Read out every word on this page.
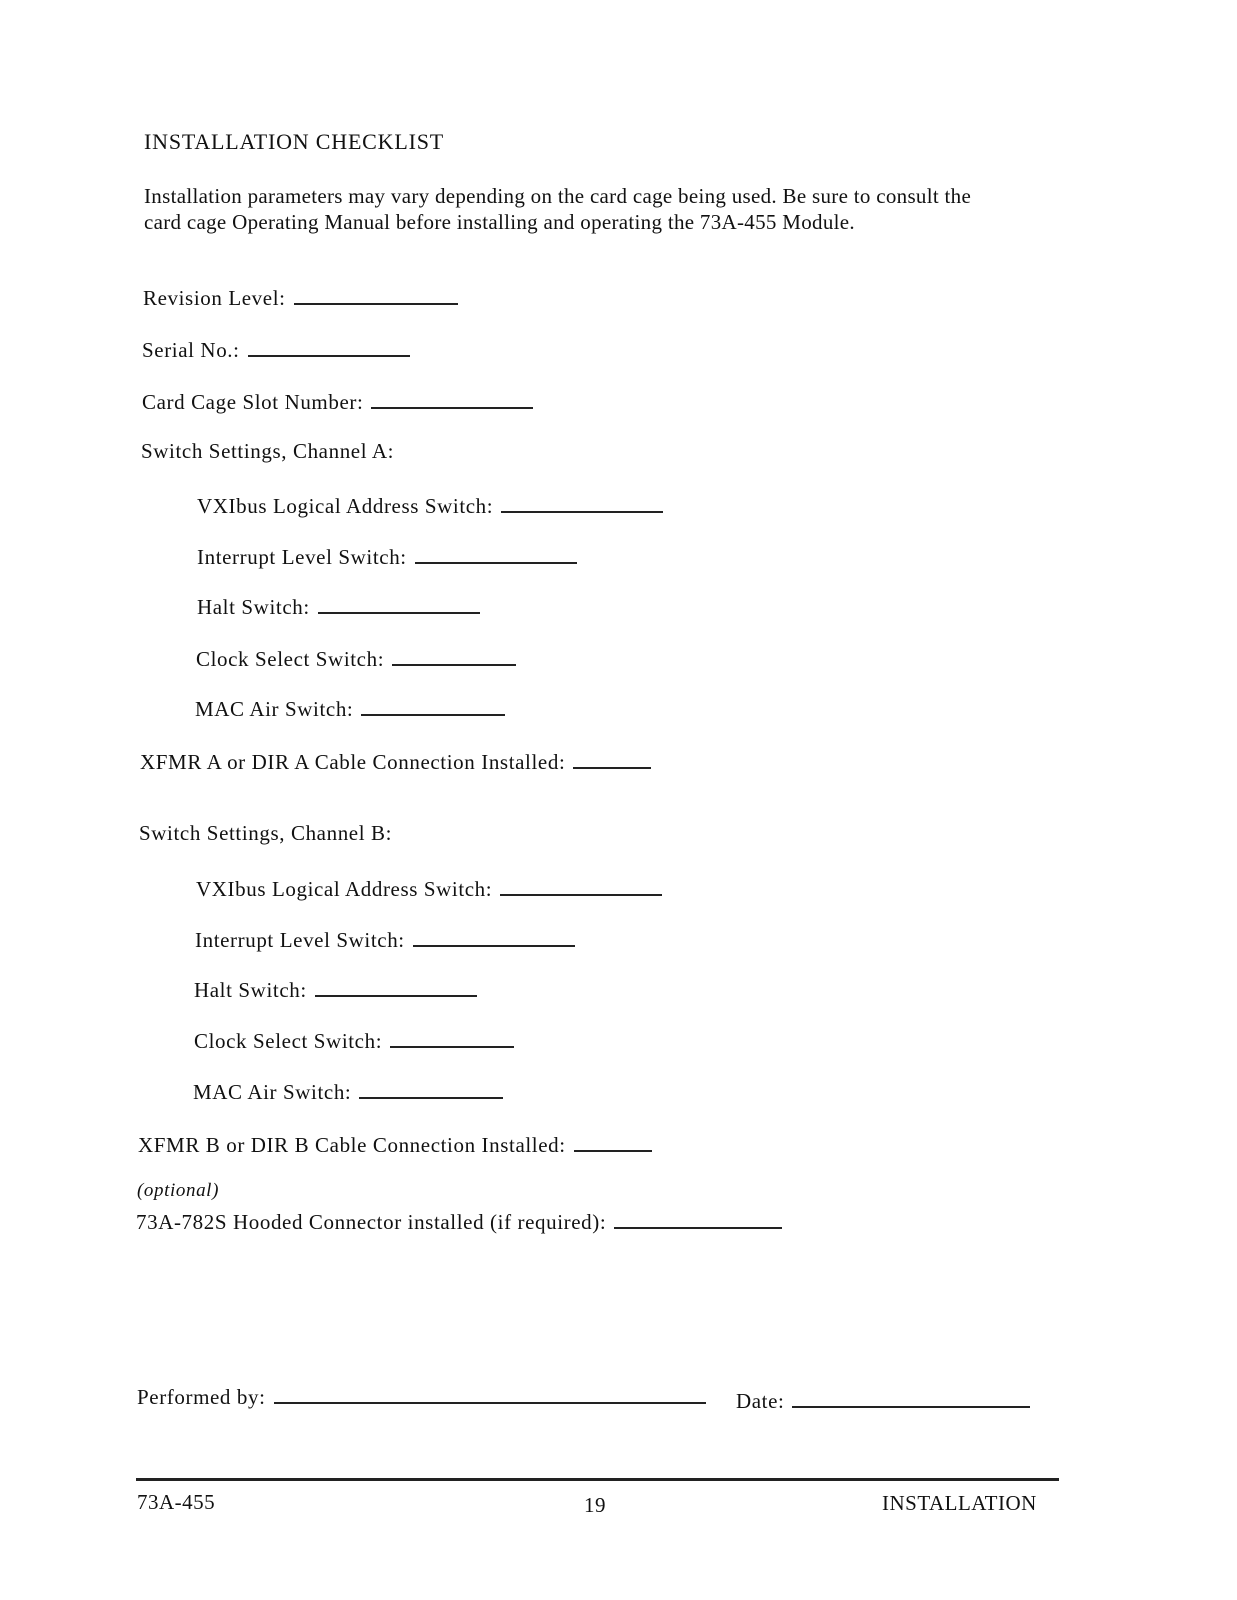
INSTALLATION CHECKLIST
Installation parameters may vary depending on the card cage being used. Be sure to consult the
card cage Operating Manual before installing and operating the 73A-455 Module.
Revision Level:
Serial No.:
Card Cage Slot Number:
Switch Settings, Channel A:
VXIbus Logical Address Switch:
Interrupt Level Switch:
Halt Switch:
Clock Select Switch:
MAC Air Switch:
XFMR A or DIR A Cable Connection Installed:
Switch Settings, Channel B:
VXIbus Logical Address Switch:
Interrupt Level Switch:
Halt Switch:
Clock Select Switch:
MAC Air Switch:
XFMR B or DIR B Cable Connection Installed:
(optional)
73A-782S Hooded Connector installed (if required):
Performed by:	Date:
73A-455	19	INSTALLATION
